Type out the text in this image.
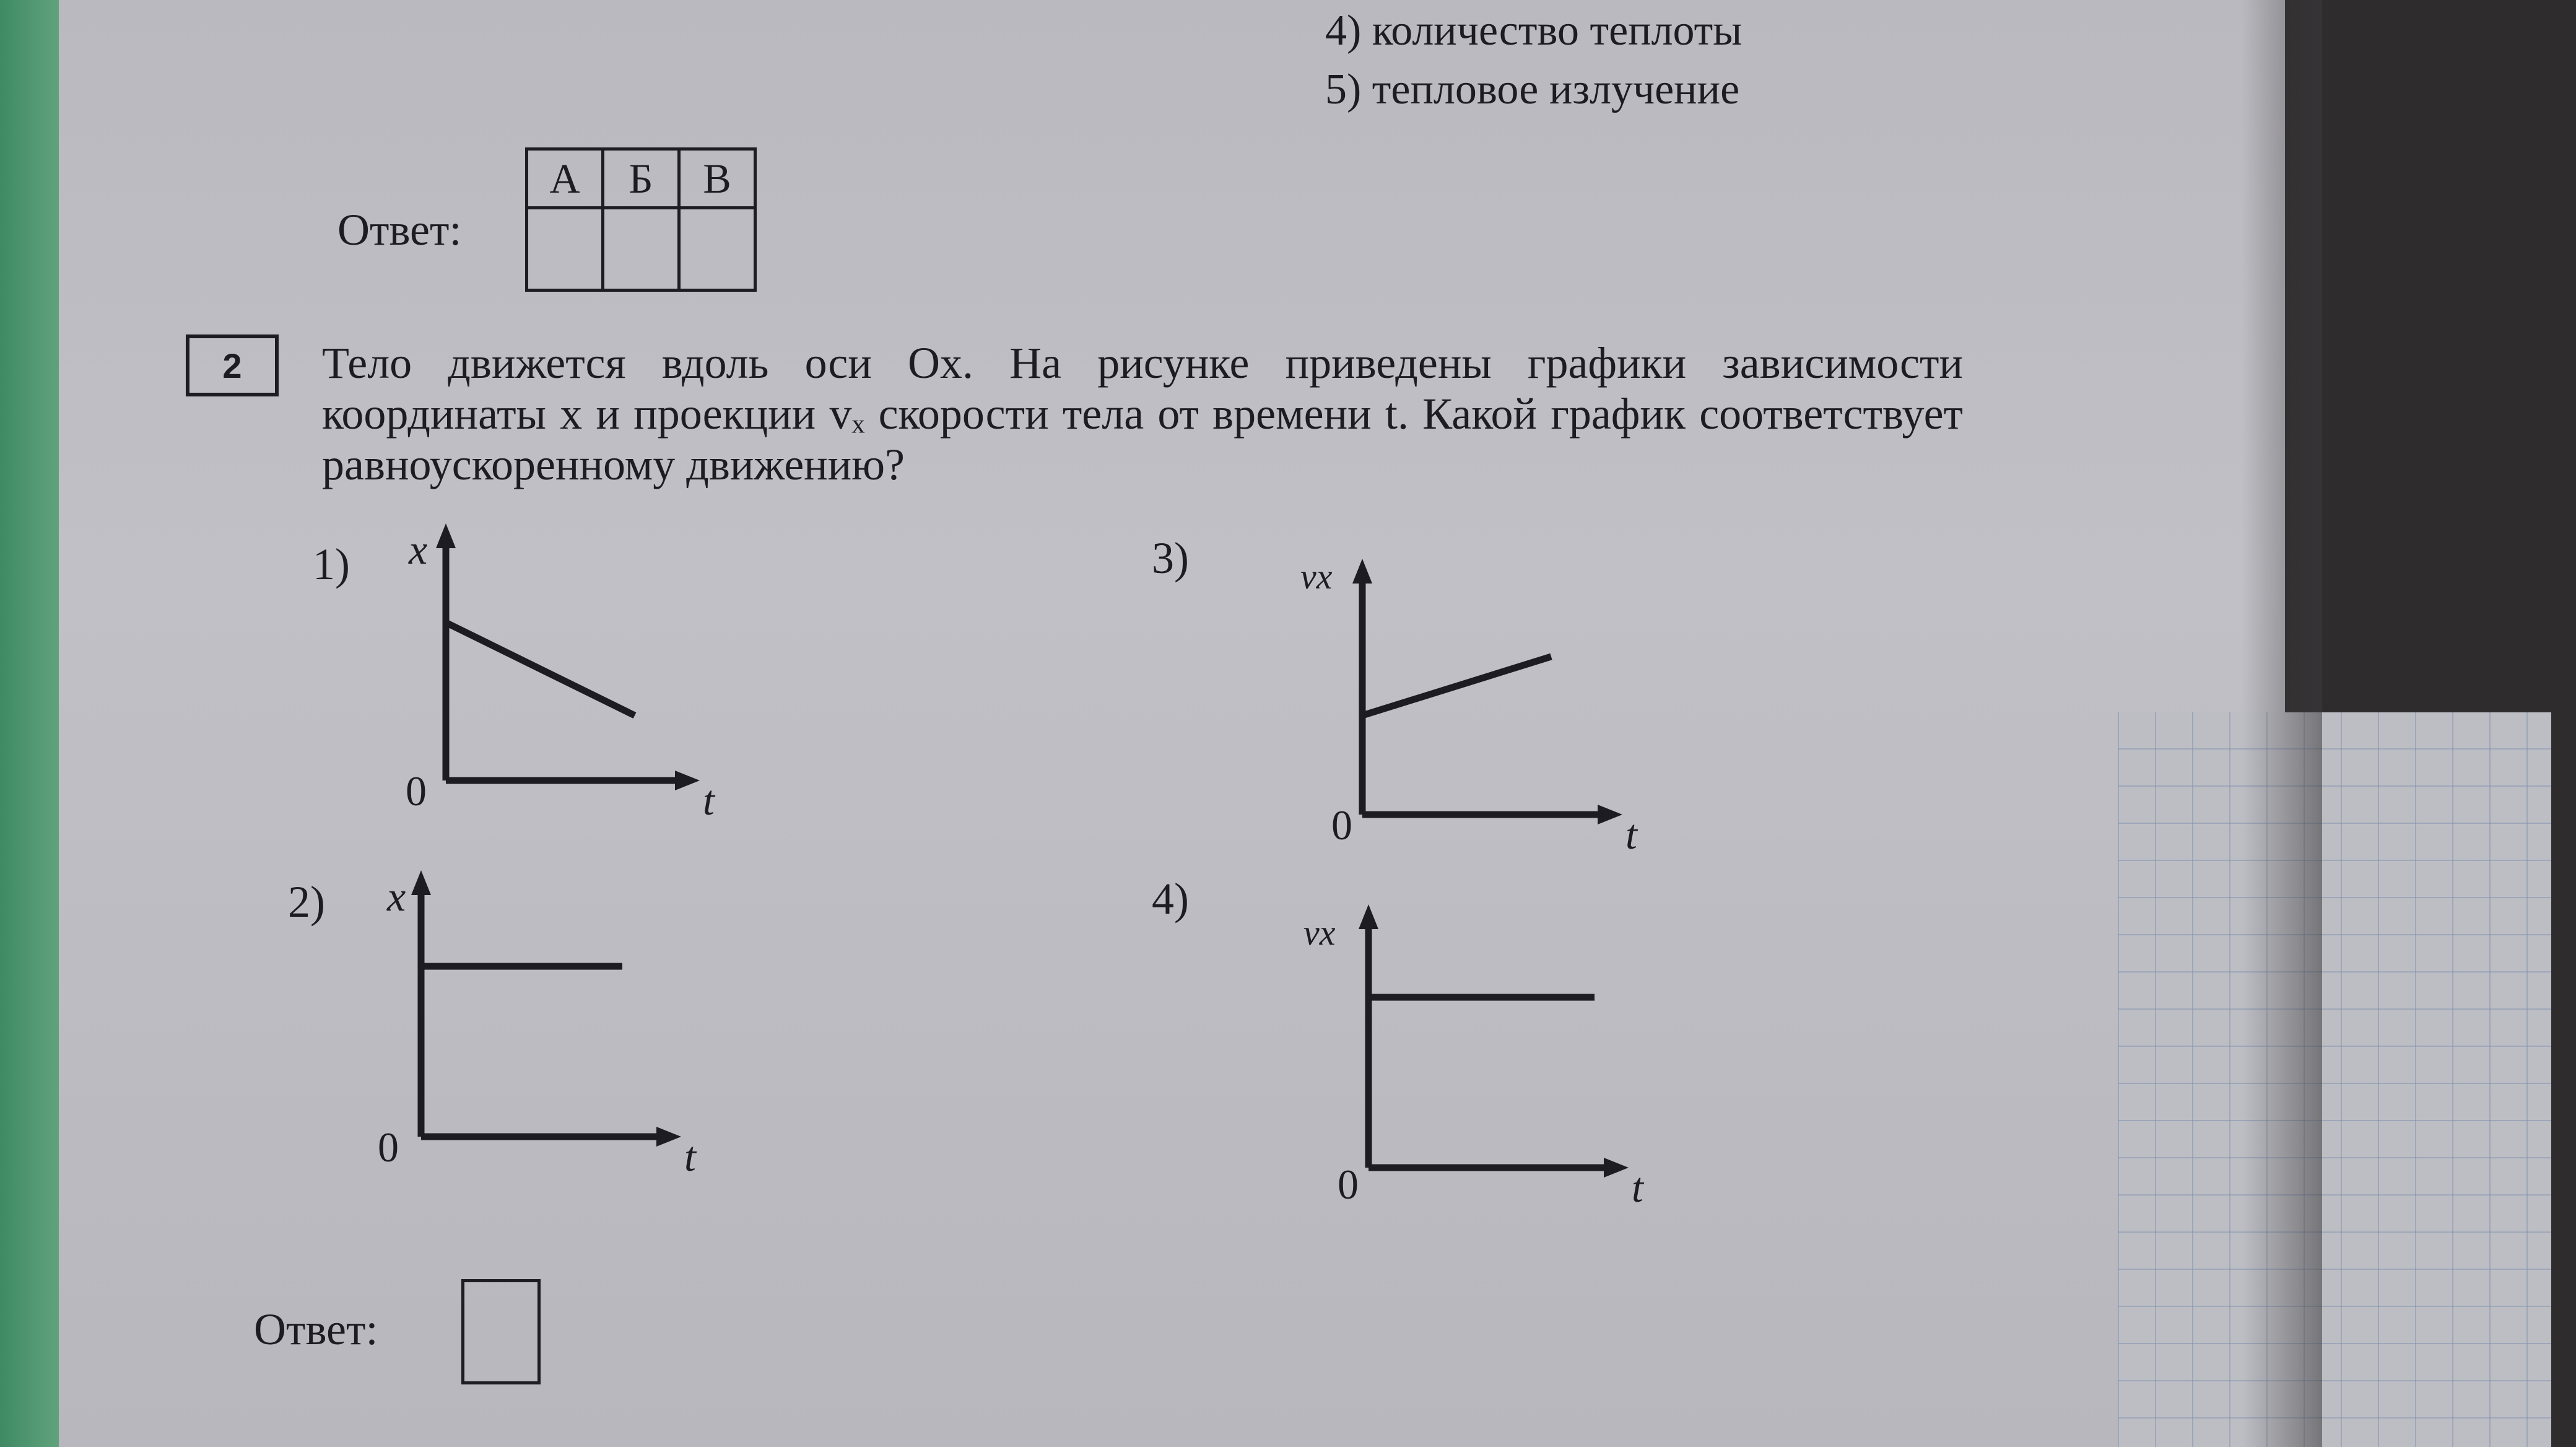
4) количество теплоты
5) тепловое излучение
Ответ:
А	Б	В

2	Тело движется вдоль оси Ox. На рисунке приведены графики зависимости координаты x и проекции vₓ скорости тела от времени t. Какой график соответствует равноускоренному движению?
1) x
t
0
2) x
t
0
3)	vx
t
0
4)
vx
t
0
Ответ:
